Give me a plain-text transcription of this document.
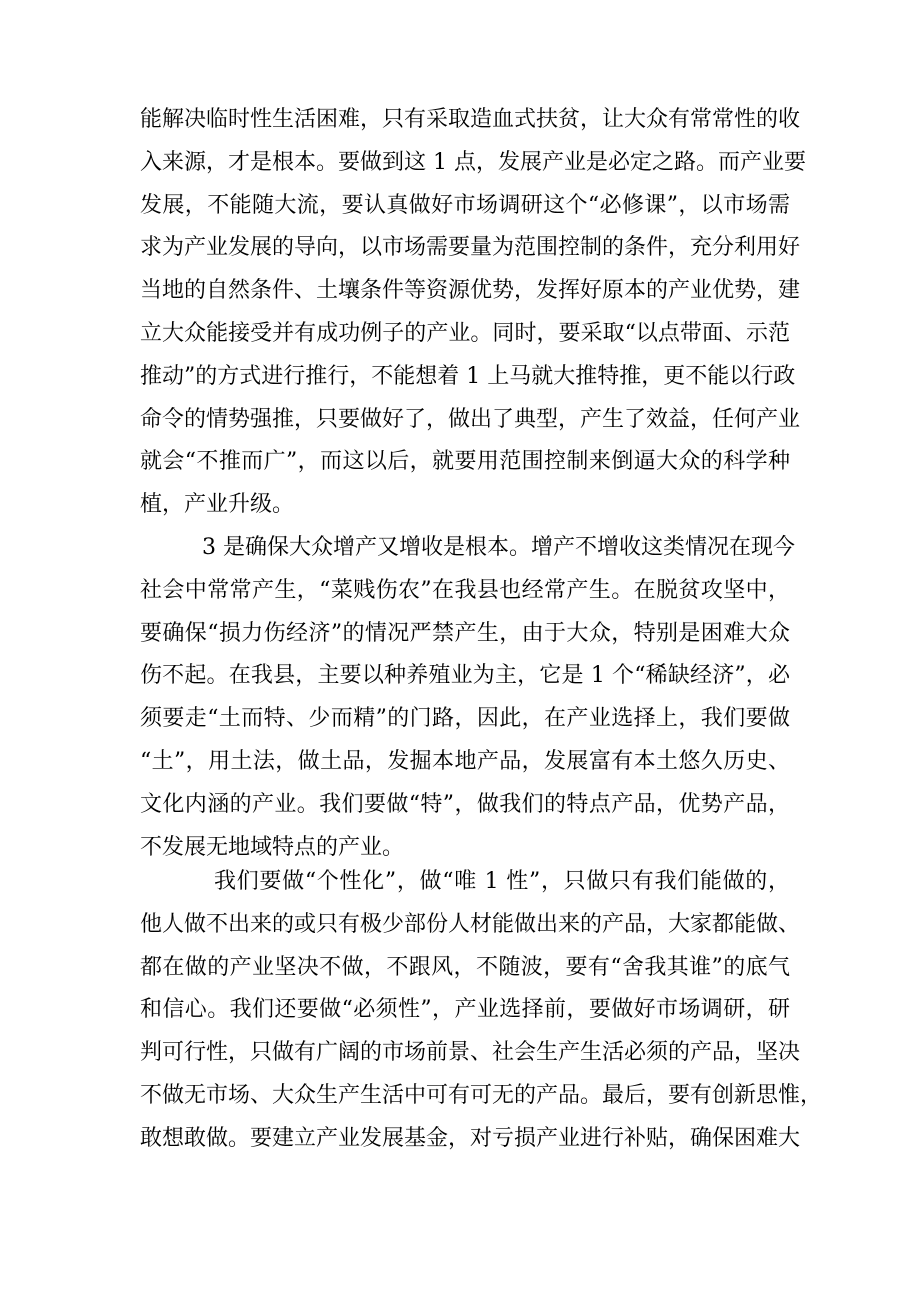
能解决临时性生活困难，只有采取造血式扶贫，让大众有常常性的收
入来源，才是根本。要做到这 1 点，发展产业是必定之路。而产业要
发展，不能随大流，要认真做好市场调研这个“必修课”，以市场需
求为产业发展的导向，以市场需要量为范围控制的条件，充分利用好
当地的自然条件、土壤条件等资源优势，发挥好原本的产业优势，建
立大众能接受并有成功例子的产业。同时，要采取“以点带面、示范
推动”的方式进行推行，不能想着 1 上马就大推特推，更不能以行政
命令的情势强推，只要做好了，做出了典型，产生了效益，任何产业
就会“不推而广”，而这以后，就要用范围控制来倒逼大众的科学种
植，产业升级。
3 是确保大众增产又增收是根本。增产不增收这类情况在现今
社会中常常产生，“菜贱伤农”在我县也经常产生。在脱贫攻坚中，
要确保“损力伤经济”的情况严禁产生，由于大众，特别是困难大众
伤不起。在我县，主要以种养殖业为主，它是 1 个“稀缺经济”，必
须要走“土而特、少而精”的门路，因此，在产业选择上，我们要做
“土”，用土法，做土品，发掘本地产品，发展富有本土悠久历史、
文化内涵的产业。我们要做“特”，做我们的特点产品，优势产品，
不发展无地域特点的产业。
我们要做“个性化”，做“唯 1 性”，只做只有我们能做的，
他人做不出来的或只有极少部份人材能做出来的产品，大家都能做、
都在做的产业坚决不做，不跟风，不随波，要有“舍我其谁”的底气
和信心。我们还要做“必须性”，产业选择前，要做好市场调研，研
判可行性，只做有广阔的市场前景、社会生产生活必须的产品，坚决
不做无市场、大众生产生活中可有可无的产品。最后，要有创新思惟，
敢想敢做。要建立产业发展基金，对亏损产业进行补贴，确保困难大
